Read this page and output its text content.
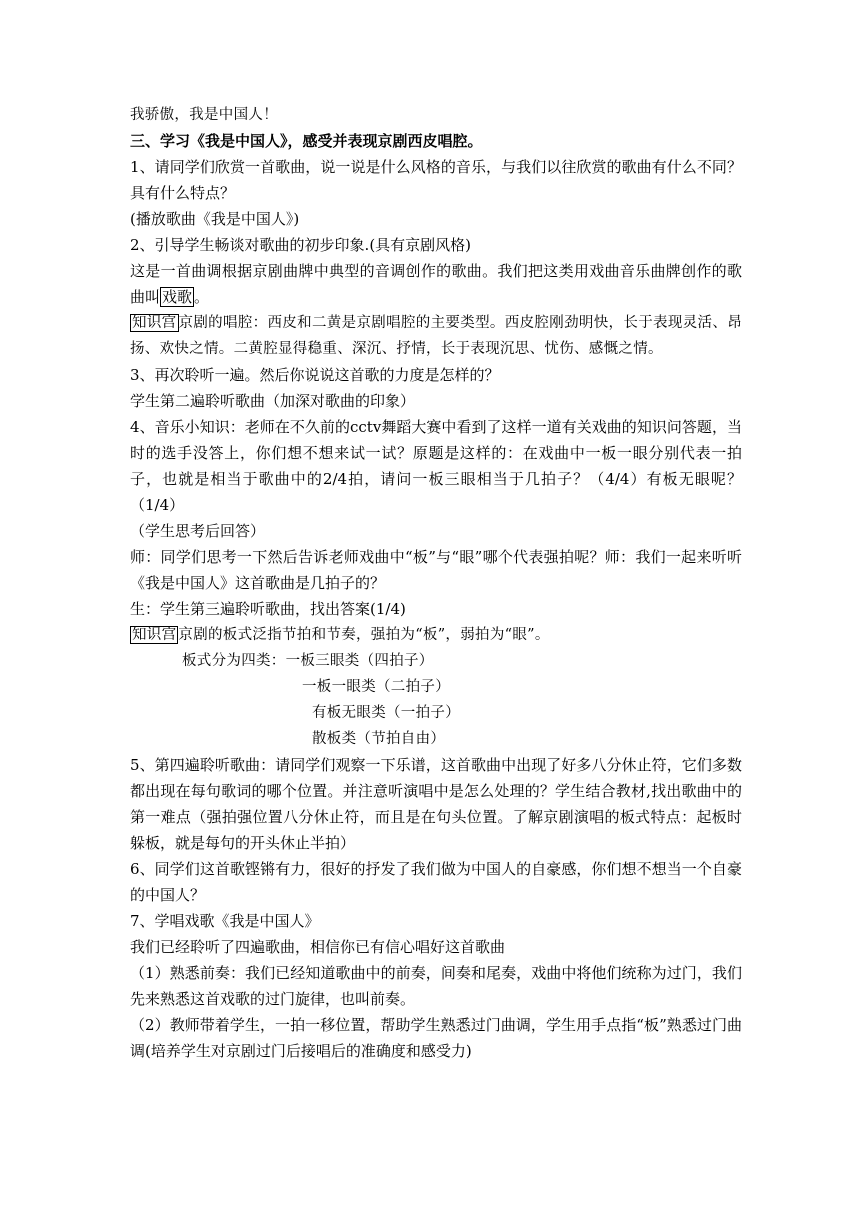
我骄傲，我是中国人！

三、学习《我是中国人》，感受并表现京剧西皮唱腔。

1、请同学们欣赏一首歌曲，说一说是什么风格的音乐，与我们以往欣赏的歌曲有什么不同？具有什么特点？

(播放歌曲《我是中国人》)

2、引导学生畅谈对歌曲的初步印象.(具有京剧风格)

这是一首曲调根据京剧曲牌中典型的音调创作的歌曲。我们把这类用戏曲音乐曲牌创作的歌曲叫 戏歌 。

知识宫 京剧的唱腔：西皮和二黄是京剧唱腔的主要类型。西皮腔刚劲明快，长于表现灵活、昂扬、欢快之情。二黄腔显得稳重、深沉、抒情，长于表现沉思、忧伤、感慨之情。

3、再次聆听一遍。然后你说说这首歌的力度是怎样的？

学生第二遍聆听歌曲（加深对歌曲的印象）

4、音乐小知识：老师在不久前的cctv舞蹈大赛中看到了这样一道有关戏曲的知识问答题，当时的选手没答上，你们想不想来试一试？原题是这样的：在戏曲中一板一眼分别代表一拍子，也就是相当于歌曲中的2/4拍，请问一板三眼相当于几拍子？（4/4）有板无眼呢？（1/4）

（学生思考后回答）

师：同学们思考一下然后告诉老师戏曲中“板”与“眼”哪个代表强拍呢？师：我们一起来听听《我是中国人》这首歌曲是几拍子的？

生：学生第三遍聆听歌曲，找出答案(1/4)

知识宫 京剧的板式泛指节拍和节奏，强拍为“板”，弱拍为“眼”。

板式分为四类：一板三眼类（四拍子）

一板一眼类（二拍子）

有板无眼类（一拍子）

散板类（节拍自由）

5、第四遍聆听歌曲：请同学们观察一下乐谱，这首歌曲中出现了好多八分休止符，它们多数都出现在每句歌词的哪个位置。并注意听演唱中是怎么处理的？学生结合教材,找出歌曲中的第一难点（强拍强位置八分休止符，而且是在句头位置。了解京剧演唱的板式特点：起板时躲板，就是每句的开头休止半拍）

6、同学们这首歌铿锵有力，很好的抒发了我们做为中国人的自豪感，你们想不想当一个自豪的中国人？

7、学唱戏歌《我是中国人》

我们已经聆听了四遍歌曲，相信你已有信心唱好这首歌曲

（1）熟悉前奏：我们已经知道歌曲中的前奏，间奏和尾奏，戏曲中将他们统称为过门，我们先来熟悉这首戏歌的过门旋律，也叫前奏。

（2）教师带着学生，一拍一移位置，帮助学生熟悉过门曲调，学生用手点指“板”熟悉过门曲调(培养学生对京剧过门后接唱后的准确度和感受力)
